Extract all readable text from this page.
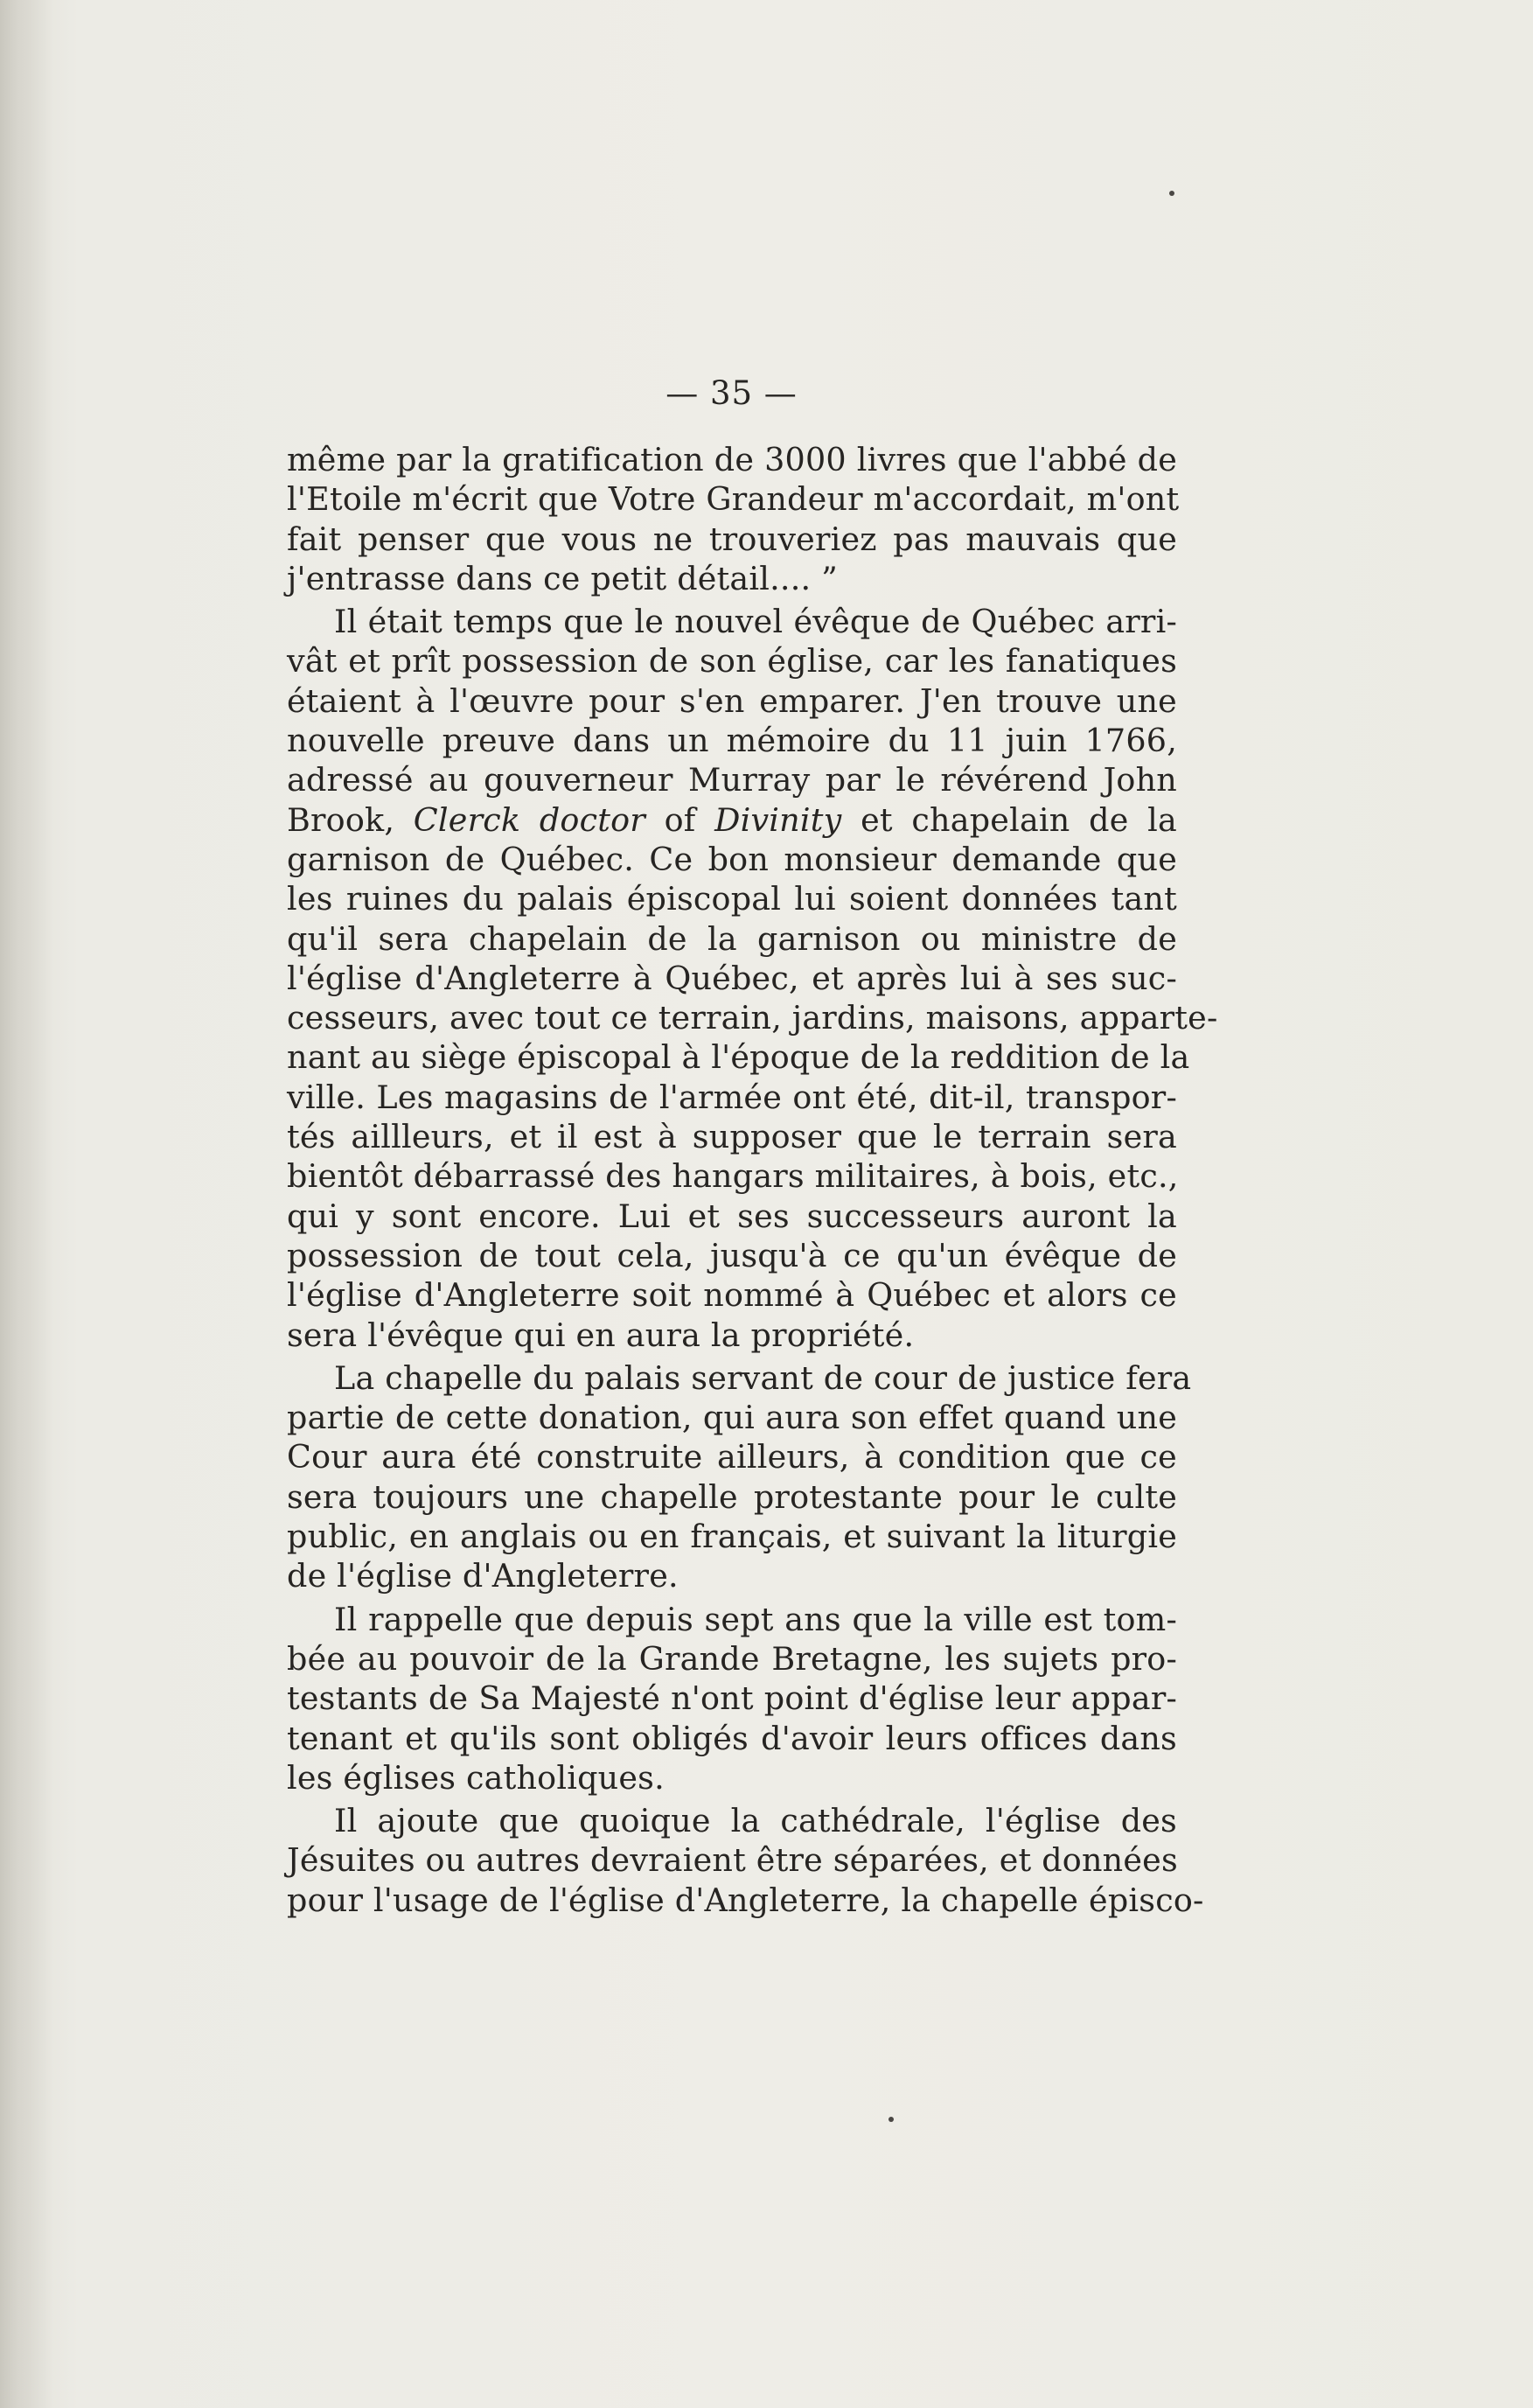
— 35 —
même par la gratification de 3000 livres que l'abbé de
l'Etoile m'écrit que Votre Grandeur m'accordait, m'ont
fait penser que vous ne trouveriez pas mauvais que
j'entrasse dans ce petit détail.... ”
Il était temps que le nouvel évêque de Québec arri-
vât et prît possession de son église, car les fanatiques
étaient à l'œuvre pour s'en emparer. J'en trouve une
nouvelle preuve dans un mémoire du 11 juin 1766,
adressé au gouverneur Murray par le révérend John
Brook, Clerck doctor of Divinity et chapelain de la
garnison de Québec. Ce bon monsieur demande que
les ruines du palais épiscopal lui soient données tant
qu'il sera chapelain de la garnison ou ministre de
l'église d'Angleterre à Québec, et après lui à ses suc-
cesseurs, avec tout ce terrain, jardins, maisons, apparte-
nant au siège épiscopal à l'époque de la reddition de la
ville. Les magasins de l'armée ont été, dit-il, transpor-
tés aillleurs, et il est à supposer que le terrain sera
bientôt débarrassé des hangars militaires, à bois, etc.,
qui y sont encore. Lui et ses successeurs auront la
possession de tout cela, jusqu'à ce qu'un évêque de
l'église d'Angleterre soit nommé à Québec et alors ce
sera l'évêque qui en aura la propriété.
La chapelle du palais servant de cour de justice fera
partie de cette donation, qui aura son effet quand une
Cour aura été construite ailleurs, à condition que ce
sera toujours une chapelle protestante pour le culte
public, en anglais ou en français, et suivant la liturgie
de l'église d'Angleterre.
Il rappelle que depuis sept ans que la ville est tom-
bée au pouvoir de la Grande Bretagne, les sujets pro-
testants de Sa Majesté n'ont point d'église leur appar-
tenant et qu'ils sont obligés d'avoir leurs offices dans
les églises catholiques.
Il ajoute que quoique la cathédrale, l'église des
Jésuites ou autres devraient être séparées, et données
pour l'usage de l'église d'Angleterre, la chapelle épisco-
